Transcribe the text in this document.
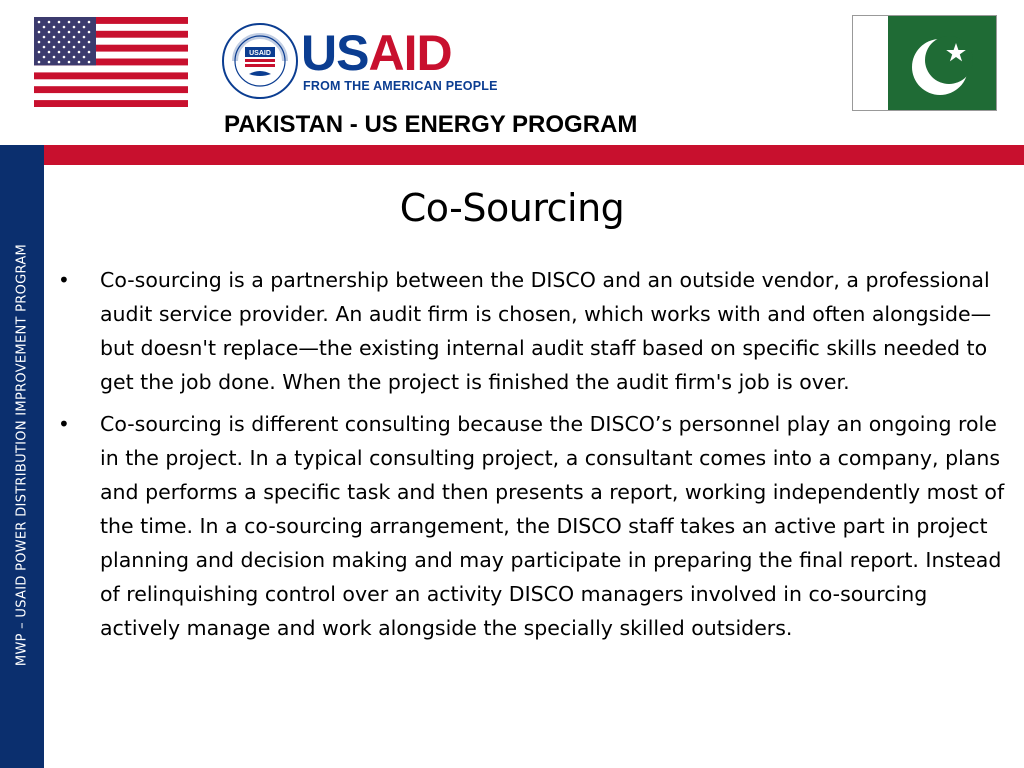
USAID USAID
FROM THE AMERICAN PEOPLE
PAKISTAN - US ENERGY PROGRAM
MWP – USAID POWER DISTRIBUTION IMPROVEMENT PROGRAM
Co-Sourcing
• Co-sourcing is a partnership between the DISCO and an outside vendor, a professional audit service provider. An audit firm is chosen, which works with and often alongside—but doesn't replace—the existing internal audit staff based on specific skills needed to get the job done. When the project is finished the audit firm's job is over.
• Co-sourcing is different consulting because the DISCO’s personnel play an ongoing role in the project. In a typical consulting project, a consultant comes into a company, plans and performs a specific task and then presents a report, working independently most of the time. In a co-sourcing arrangement, the DISCO staff takes an active part in project planning and decision making and may participate in preparing the final report. Instead of relinquishing control over an activity DISCO managers involved in co-sourcing actively manage and work alongside the specially skilled outsiders.
